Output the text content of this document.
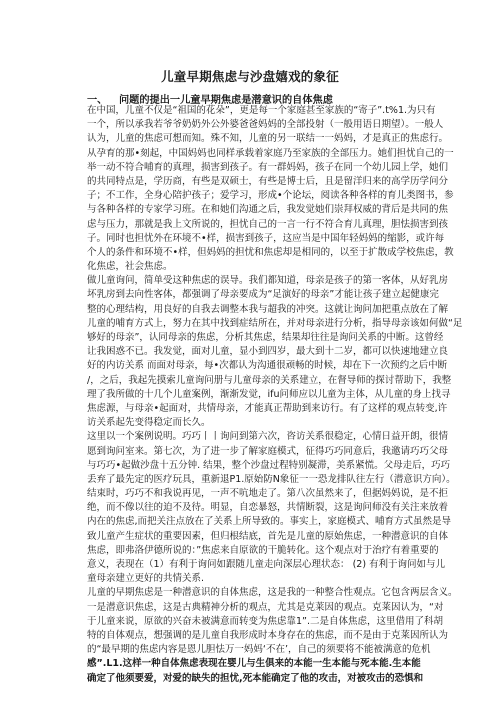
儿童早期焦虑与沙盘嬉戏的象征
一、 问题的提出一儿童早期焦虑是潜意识的自体焦虑
在中国，儿童不仅是“祖国的花朵”，更是每一个家庭甚至家族的“寄子”.t%1.为只有
一个，所以承我若爷爷奶奶外公外婆爸爸妈妈的全部投射（一般用语日期望）。一般人
认为，儿童的焦虑可想而知。殊不知，儿童的另一联结一一妈妈，才是真正的焦虑行。
从孕育的那•刻起，中国妈妈也同样承载着家庭乃至家族的全部压力。她们担忧自己的一
举一动不符合哺育的真理，损害到孩子。有一群妈妈，孩子在同一个幼儿园上学，她们
的共同特点是，学历商，有些是双硕士，有些是博士后，且是留洋归来的高学历学问分
子；不工作，全身心陪护孩子；爱学习，形成•个论坛，阅读各种各样的育儿类图书，参
与各种各样的专家学习班。在和她们沟通之后，我发觉她们崇拜权威的背后是共同的焦
虑与压力，那就是我上文所说的，担忧自己的一言一行不符合育儿真理，胆怯损害到孩
子。同时也担忧外在环境不•样，损害到孩子，这应当是中国年轻妈妈的缩影，或许每
个人的条件和环境不•样，但妈妈的担忧和焦虑却是相同的，以至于扩散成学校焦虑，教
化焦虑，社会焦虑。
做儿童询问，简单受这种焦虑的误导。我们都知道，母亲是孩子的第一客体，从好乳房
坏乳房到去向性客体，都强调了母亲要成为“足演好的母亲”才能让孩子建立起健康完
整的心理结构，用良好的自我去调整本我与超我的冲突。这就让询问加把重点放在了解
儿童的哺育方式上，努力在其中找到症结所在，并对母亲进行分析，指导母亲该如何做“足
够好的母亲”，认同母亲的焦虑，分析其焦虑，结果却往往是询问关系的中断。这曾经
让我困惑不已。我发觉，面对儿童，显小到四岁，最大到十二岁，都可以快速地建立良
好的内访关系 而面对母亲，每•次都认为沟通很顽畅的时候，却在下一次预约之后中断
/，之后，我起先摸索儿童询问册与儿童母亲的关系建立，在督导师的探讨帮助下，我整
理了我所做的十几个儿童案例，渐渐发觉，ifu问师应以儿童为主体，从儿童的身上找寻
焦虑源，与母亲•起面对，共情母亲，才能真正帮助到来访行。有了这样的观点转变,许
访关系起先变得稳定而长久。
这里以一个案例说明。巧巧丨丨询问到第六次，咨访关系很稳定，心情日益开朗，很情
愿到询问室来。第七次，为了进一步了解家庭模式，征得巧巧同意后，我邀请巧巧父母
与巧巧•起做沙盘十五分钟. 结果，整个沙盘过程特别凝滞，美系紧慌。父母走后，巧巧
丢弃了最先定的医疗玩具，重新退P1.原始防N象征一一恐龙排队往左行（潜意识方向）。
结束时，巧巧不和我说再见，一声不吭地走了。第八次虽然来了，但据妈妈说，是不拒
绝，而不像以往的迫不及待。明显，自恋暴怒，共情断裂，这是询问师没有关注来放着
内在的焦虑,而把关注点放在了关系上所导致的。事实上，家庭模式、哺育方式虽然是导
致儿童产生症状的重要因素，但归根结底，首先是儿童的原始焦虑，一种潜意识的自体
焦虑，即弗洛伊德所说的：”焦虑来自原欲的干脆转化。这个观点对于治疗有着重要的
意义，表现在（1）有利于询问如跟随儿童走向深层心理状态： (2) 有利于询问如与儿
童母亲建立更好的共情关系.
儿童的早期焦虑是一种潜意识的自体焦虑，这是我的一种整合性观点。它包含两层含义。
一是潜意识焦虑，这是古典精神分析的观点，尤其是克莱因的观点。克莱因认为，“对
于儿童来说，原欲的兴奋未被满意而转变为焦虑靠1”.二是自体焦虑，这里借用了科胡
特的自体观点，想强调的是儿童自我形成时本身存在的焦虑，而不是由于克莱因所认为
的“最早期的焦虑内容是恩儿胆怯万一妈妈‘不在’，自己的须要将不能被满意的危机
感”.L1.这样一种自体焦虑表现在婴儿与生俱来的本能一生本能与死本能.生本能
确定了他须要爱，对爱的缺失的担忧,死本能确定了他的攻击，对被攻击的恐惧和
